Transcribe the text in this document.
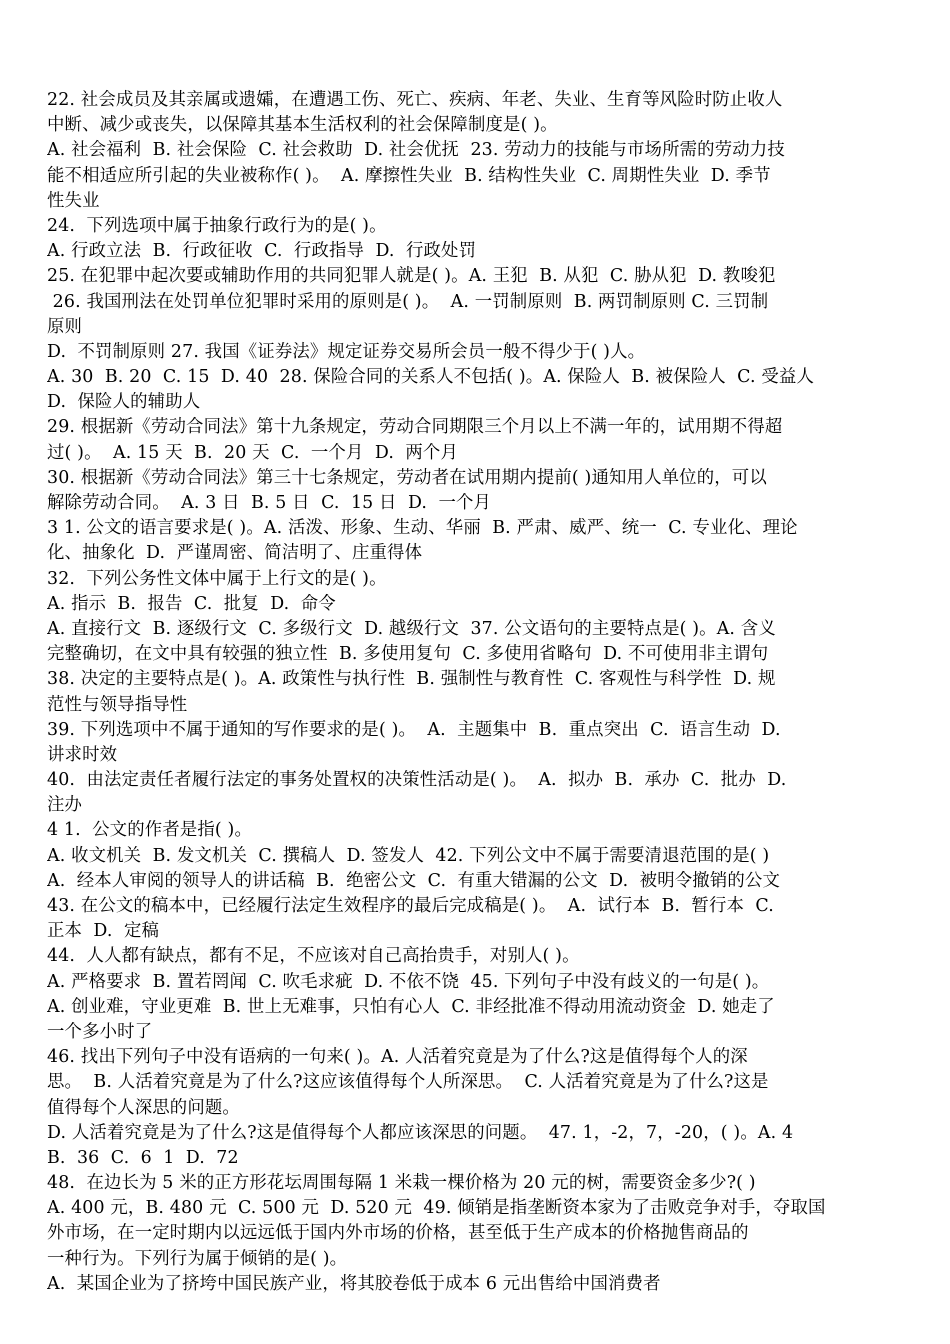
22. 社会成员及其亲属或遗孀，在遭遇工伤、死亡、疾病、年老、失业、生育等风险时防止收人
中断、减少或丧失，以保障其基本生活权利的社会保障制度是( )。
A. 社会福利  B. 社会保险  C. 社会救助  D. 社会优抚  23. 劳动力的技能与市场所需的劳动力技
能不相适应所引起的失业被称作( )。  A. 摩擦性失业  B. 结构性失业  C. 周期性失业  D. 季节
性失业
24.  下列选项中属于抽象行政行为的是( )。
A. 行政立法  B.  行政征收  C.  行政指导  D.  行政处罚
25. 在犯罪中起次要或辅助作用的共同犯罪人就是( )。A. 王犯  B. 从犯  C. 胁从犯  D. 教唆犯
26. 我国刑法在处罚单位犯罪时采用的原则是( )。  A. 一罚制原则  B. 两罚制原则 C. 三罚制
原则
D.  不罚制原则 27. 我国《证券法》规定证券交易所会员一般不得少于( )人。
A. 30  B. 20  C. 15  D. 40  28. 保险合同的关系人不包括( )。A. 保险人  B. 被保险人  C. 受益人
D.  保险人的辅助人
29. 根据新《劳动合同法》第十九条规定，劳动合同期限三个月以上不满一年的，试用期不得超
过( )。  A. 15 天  B.  20 天  C.  一个月  D.  两个月
30. 根据新《劳动合同法》第三十七条规定，劳动者在试用期内提前( )通知用人单位的，可以
解除劳动合同。  A. 3 日  B. 5 日  C.  15 日  D.  一个月
3 1. 公文的语言要求是( )。A. 活泼、形象、生动、华丽  B. 严肃、威严、统一  C. 专业化、理论
化、抽象化  D.  严谨周密、简洁明了、庄重得体
32.  下列公务性文体中属于上行文的是( )。
A. 指示  B.  报告  C.  批复  D.  命令
A. 直接行文  B. 逐级行文  C. 多级行文  D. 越级行文  37. 公文语句的主要特点是( )。A. 含义
完整确切，在文中具有较强的独立性  B. 多使用复句  C. 多使用省略句  D. 不可使用非主谓句
38. 决定的主要特点是( )。A. 政策性与执行性  B. 强制性与教育性  C. 客观性与科学性  D. 规
范性与领导指导性
39. 下列选项中不属于通知的写作要求的是( )。  A.  主题集中  B.  重点突出  C.  语言生动  D.
讲求时效
40.  由法定责任者履行法定的事务处置权的决策性活动是( )。  A.  拟办  B.  承办  C.  批办  D.
注办
4 1.  公文的作者是指( )。
A. 收文机关  B. 发文机关  C. 撰稿人  D. 签发人  42. 下列公文中不属于需要清退范围的是( )
A.  经本人审阅的领导人的讲话稿  B.  绝密公文  C.  有重大错漏的公文  D.  被明令撤销的公文
43. 在公文的稿本中，已经履行法定生效程序的最后完成稿是( )。  A.  试行本  B.  暂行本  C.
正本  D.  定稿
44.  人人都有缺点，都有不足，不应该对自己高抬贵手，对别人( )。
A. 严格要求  B. 置若罔闻  C. 吹毛求疵  D. 不依不饶  45. 下列句子中没有歧义的一句是( )。
A. 创业难，守业更难  B. 世上无难事，只怕有心人  C. 非经批准不得动用流动资金  D. 她走了
一个多小时了
46. 找出下列句子中没有语病的一句来( )。A. 人活着究竟是为了什么?这是值得每个人的深
思。  B. 人活着究竟是为了什么?这应该值得每个人所深思。  C. 人活着究竟是为了什么?这是
值得每个人深思的问题。
D. 人活着究竟是为了什么?这是值得每个人都应该深思的问题。  47. 1，-2，7，-20，( )。A. 4
B.  36  C.  6  1  D.  72
48.  在边长为 5 米的正方形花坛周围每隔 1 米栽一棵价格为 20 元的树，需要资金多少?( )
A. 400 元，B. 480 元  C. 500 元  D. 520 元  49. 倾销是指垄断资本家为了击败竞争对手，夺取国
外市场，在一定时期内以远远低于国内外市场的价格，甚至低于生产成本的价格抛售商品的
一种行为。下列行为属于倾销的是( )。
A.  某国企业为了挤垮中国民族产业，将其胶卷低于成本 6 元出售给中国消费者
